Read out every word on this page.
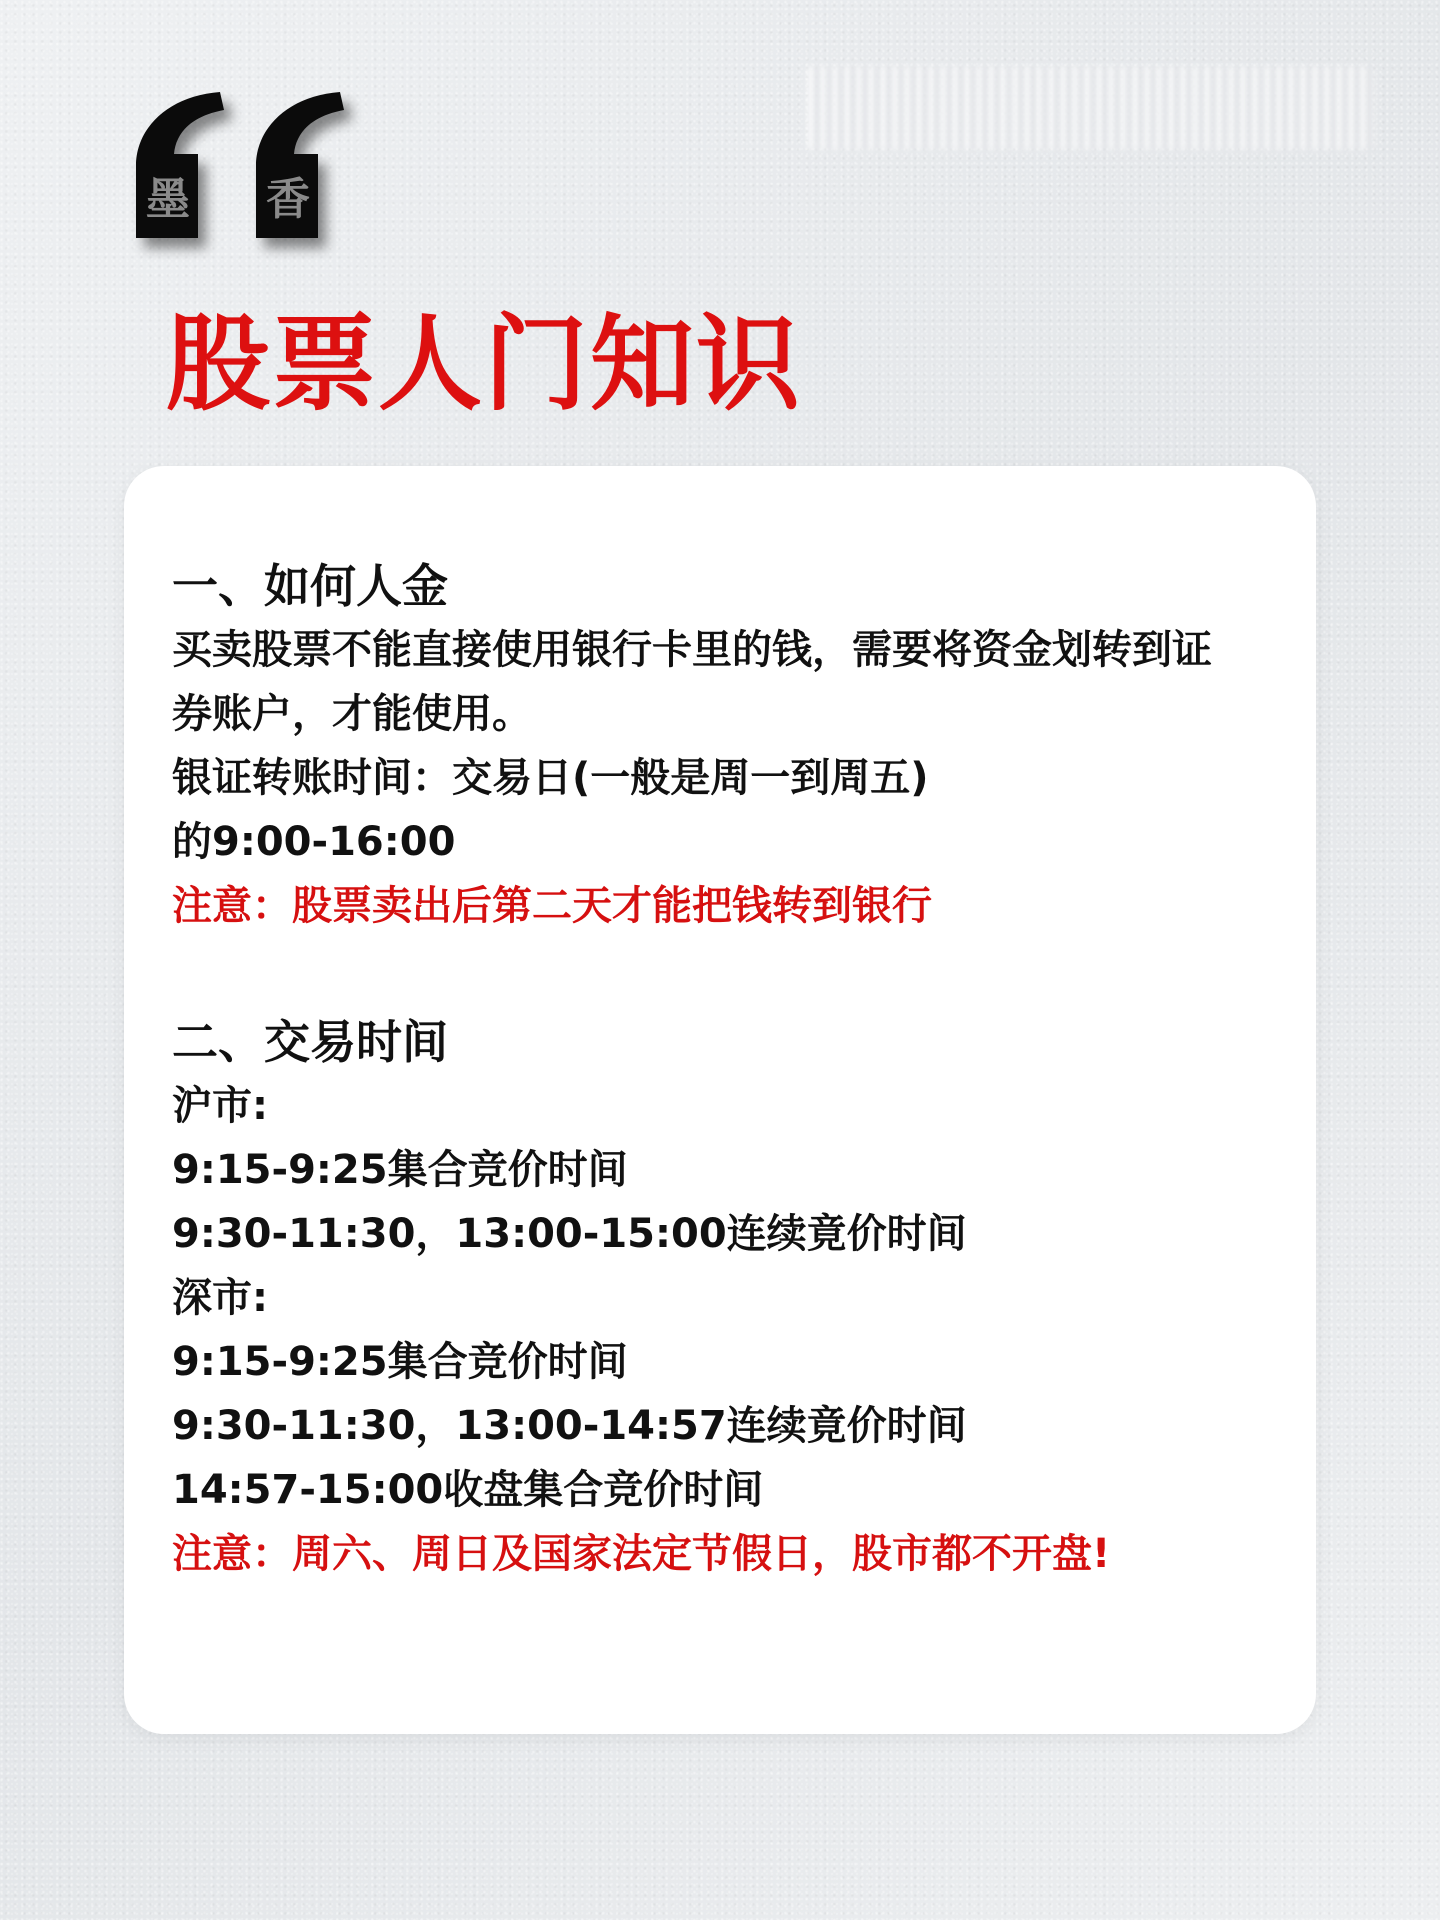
墨 香
股票人门知识
一、如何人金
买卖股票不能直接使用银行卡里的钱，需要将资金划转到证
券账户，才能使用。
银证转账时间：交易日(一般是周一到周五)
的9:00-16:00
注意：股票卖出后第二天才能把钱转到银行
二、交易时间
沪市:
9:15-9:25集合竞价时间
9:30-11:30，13:00-15:00连续竟价时间
深市:
9:15-9:25集合竞价时间
9:30-11:30，13:00-14:57连续竟价时间
14:57-15:00收盘集合竞价时间
注意：周六、周日及国家法定节假日，股市都不开盘!
